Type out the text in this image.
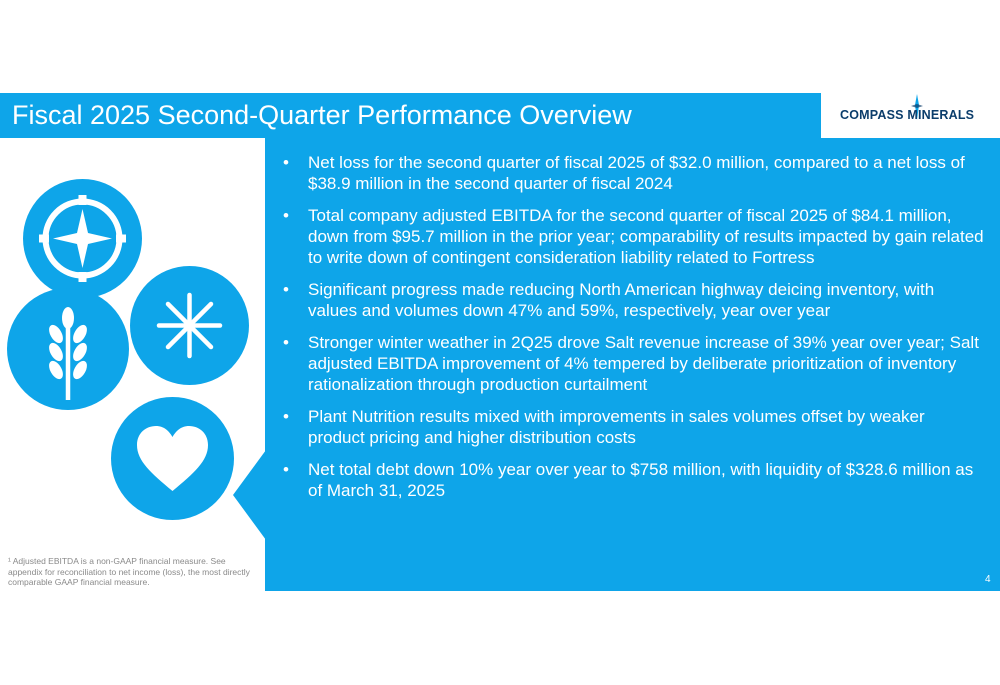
Fiscal 2025 Second-Quarter Performance Overview	COMPASS MINERALS
• Net loss for the second quarter of fiscal 2025 of $32.0 million, compared to a net loss of $38.9 million in the second quarter of fiscal 2024
• Total company adjusted EBITDA for the second quarter of fiscal 2025 of $84.1 million, down from $95.7 million in the prior year; comparability of results impacted by gain related to write down of contingent consideration liability related to Fortress
• Significant progress made reducing North American highway deicing inventory, with values and volumes down 47% and 59%, respectively, year over year
• Stronger winter weather in 2Q25 drove Salt revenue increase of 39% year over year; Salt adjusted EBITDA improvement of 4% tempered by deliberate prioritization of inventory rationalization through production curtailment
• Plant Nutrition results mixed with improvements in sales volumes offset by weaker product pricing and higher distribution costs
• Net total debt down 10% year over year to $758 million, with liquidity of $328.6 million as of March 31, 2025
¹ Adjusted EBITDA is a non-GAAP financial measure. See appendix for reconciliation to net income (loss), the most directly comparable GAAP financial measure.	4
